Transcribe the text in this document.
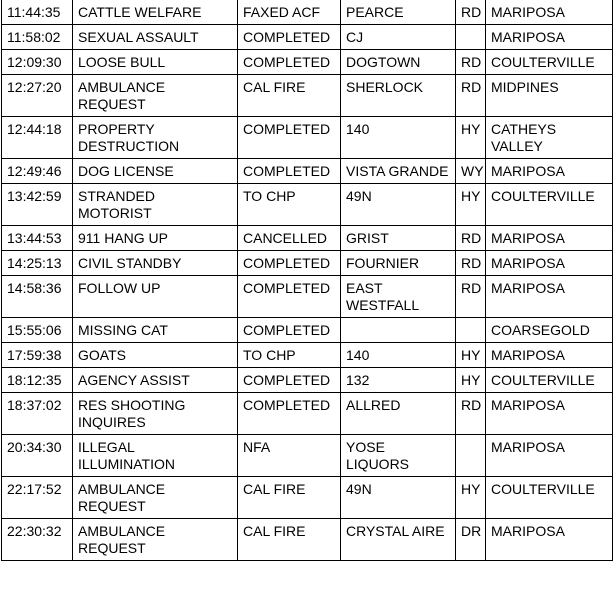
11:44:35	CATTLE WELFARE	FAXED ACF	PEARCE	RD	MARIPOSA
11:58:02	SEXUAL ASSAULT	COMPLETED	CJ		MARIPOSA
12:09:30	LOOSE BULL	COMPLETED	DOGTOWN	RD	COULTERVILLE
12:27:20	AMBULANCE REQUEST	CAL FIRE	SHERLOCK	RD	MIDPINES
12:44:18	PROPERTY DESTRUCTION	COMPLETED	140	HY	CATHEYS VALLEY
12:49:46	DOG LICENSE	COMPLETED	VISTA GRANDE	WY	MARIPOSA
13:42:59	STRANDED MOTORIST	TO CHP	49N	HY	COULTERVILLE
13:44:53	911 HANG UP	CANCELLED	GRIST	RD	MARIPOSA
14:25:13	CIVIL STANDBY	COMPLETED	FOURNIER	RD	MARIPOSA
14:58:36	FOLLOW UP	COMPLETED	EAST WESTFALL	RD	MARIPOSA
15:55:06	MISSING CAT	COMPLETED			COARSEGOLD
17:59:38	GOATS	TO CHP	140	HY	MARIPOSA
18:12:35	AGENCY ASSIST	COMPLETED	132	HY	COULTERVILLE
18:37:02	RES SHOOTING INQUIRES	COMPLETED	ALLRED	RD	MARIPOSA
20:34:30	ILLEGAL ILLUMINATION	NFA	YOSE LIQUORS		MARIPOSA
22:17:52	AMBULANCE REQUEST	CAL FIRE	49N	HY	COULTERVILLE
22:30:32	AMBULANCE REQUEST	CAL FIRE	CRYSTAL AIRE	DR	MARIPOSA
